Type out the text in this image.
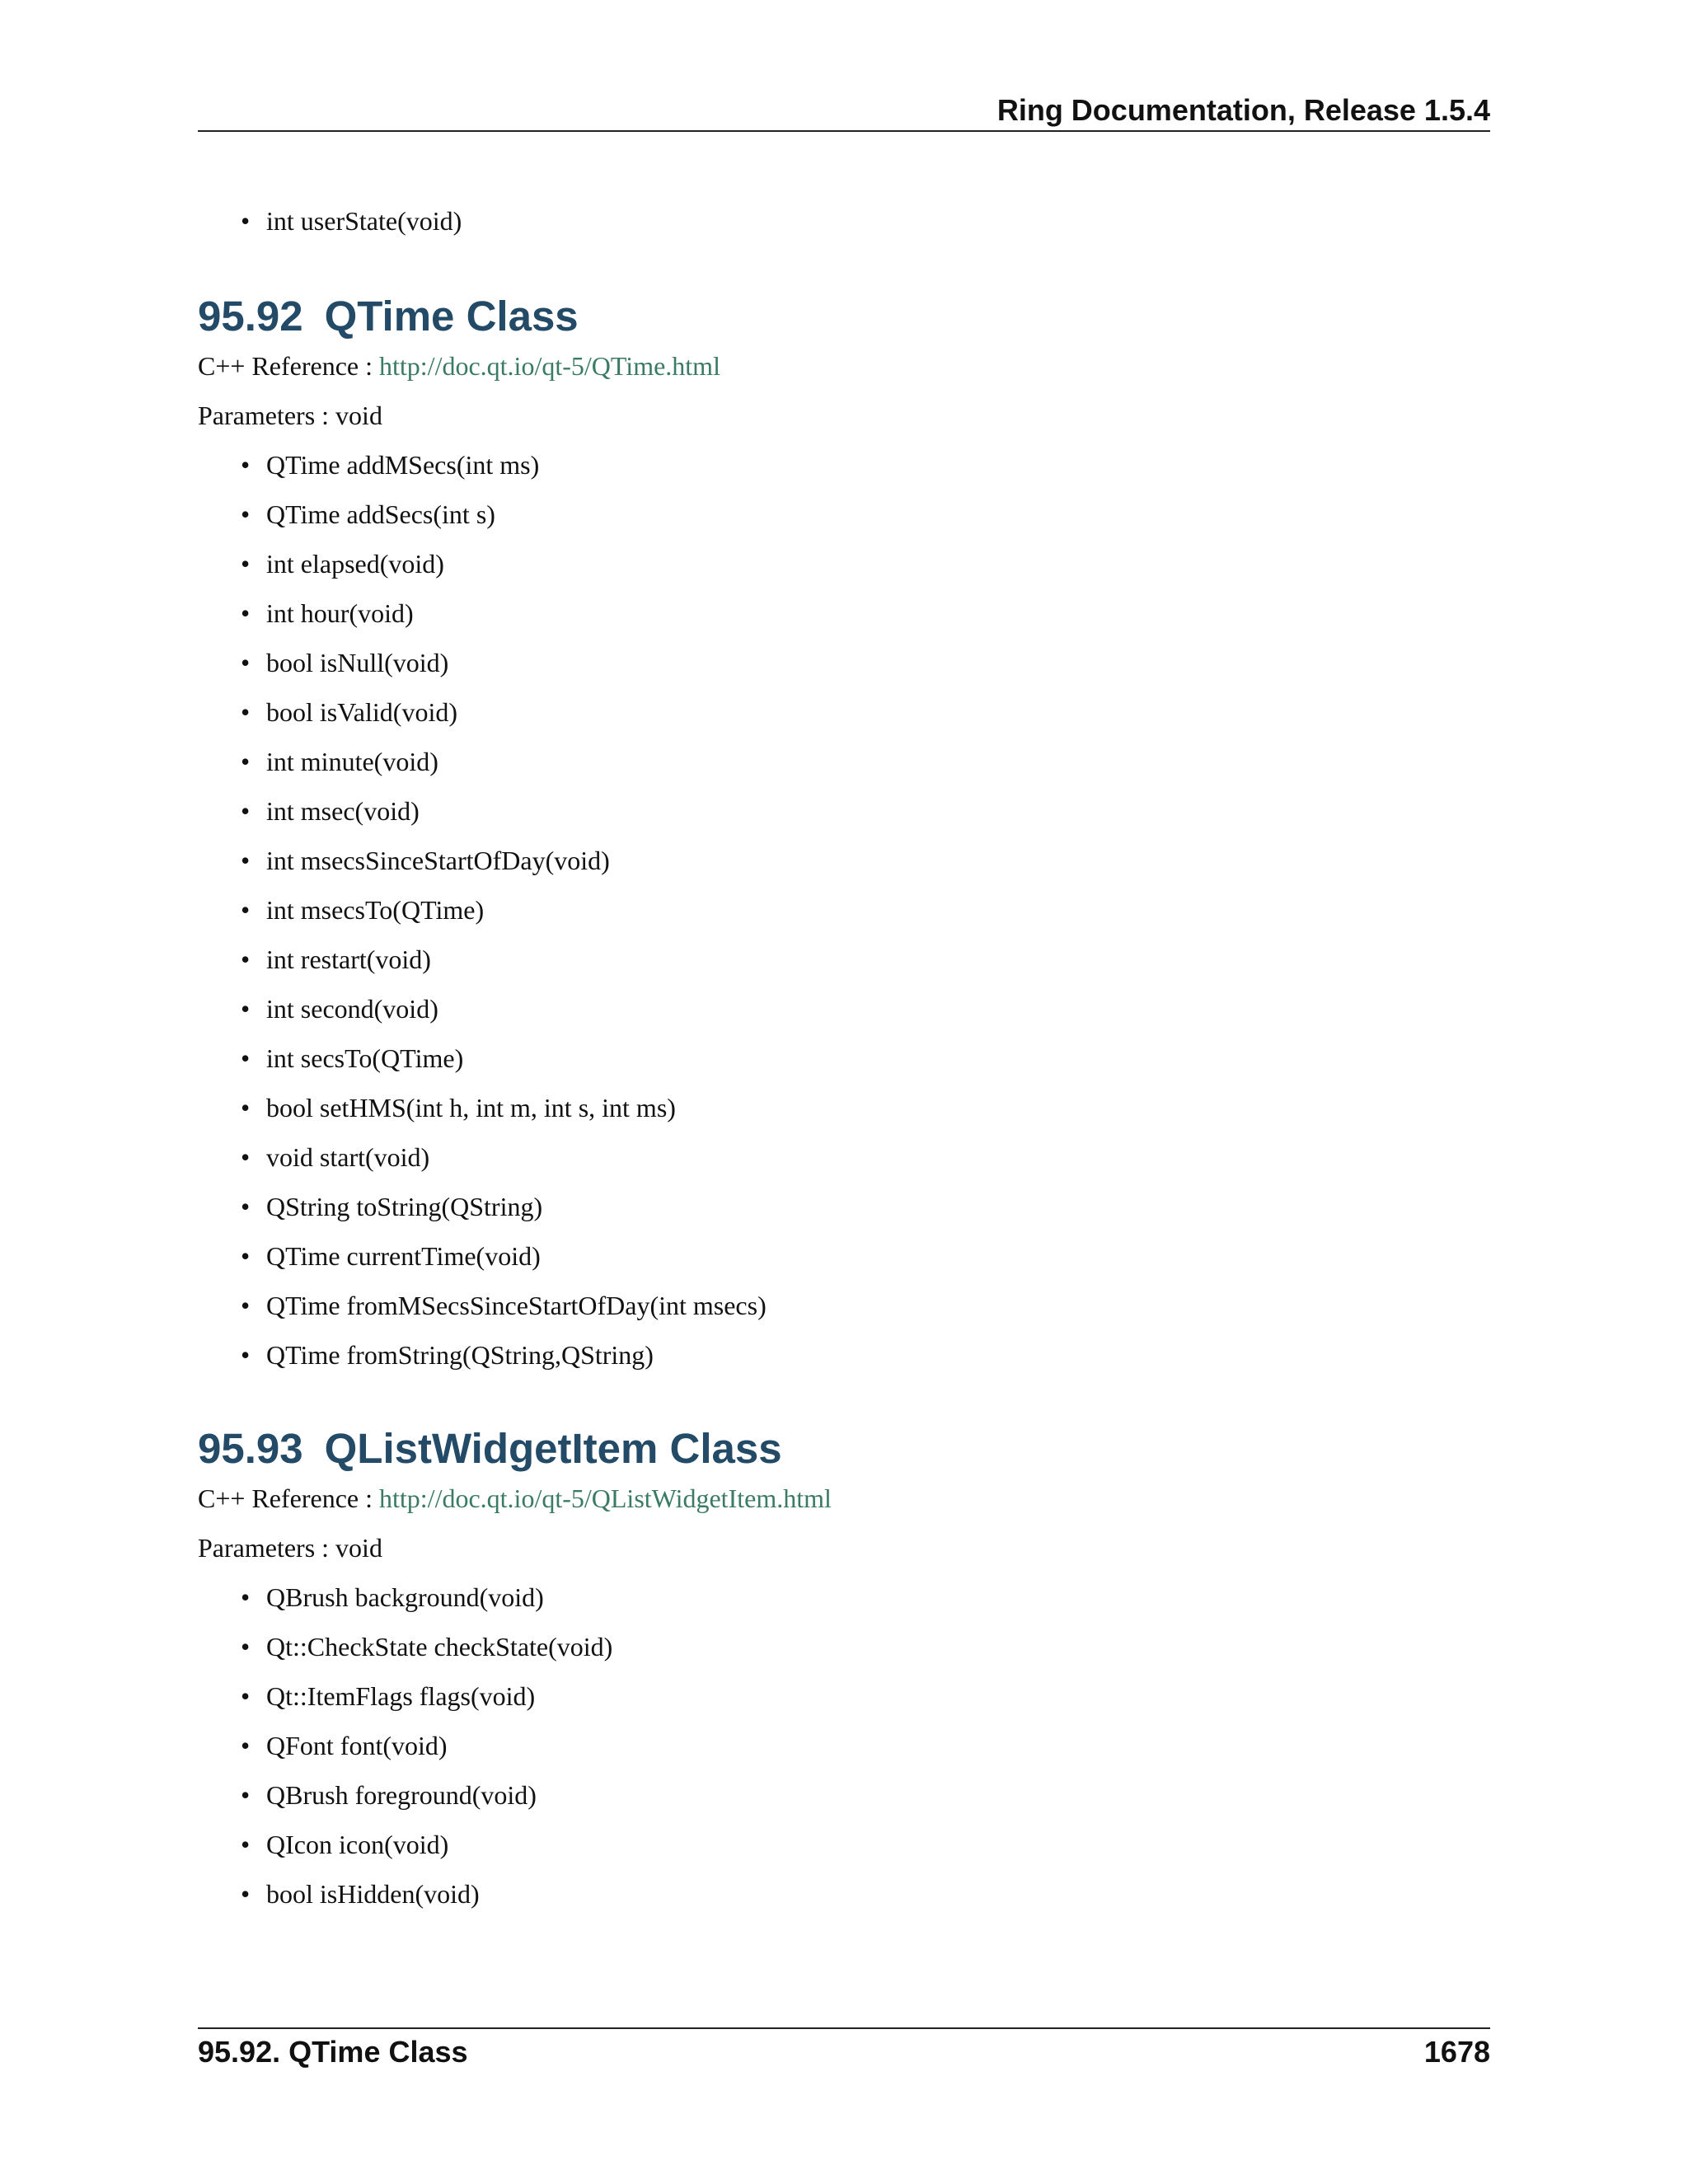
Ring Documentation, Release 1.5.4
• int userState(void)
95.92 QTime Class

C++ Reference : http://doc.qt.io/qt-5/QTime.html

Parameters : void

• QTime addMSecs(int ms)
• QTime addSecs(int s)
• int elapsed(void)
• int hour(void)
• bool isNull(void)
• bool isValid(void)
• int minute(void)
• int msec(void)
• int msecsSinceStartOfDay(void)
• int msecsTo(QTime)
• int restart(void)
• int second(void)
• int secsTo(QTime)
• bool setHMS(int h, int m, int s, int ms)
• void start(void)
• QString toString(QString)
• QTime currentTime(void)
• QTime fromMSecsSinceStartOfDay(int msecs)
• QTime fromString(QString,QString)
95.93 QListWidgetItem Class

C++ Reference : http://doc.qt.io/qt-5/QListWidgetItem.html

Parameters : void

• QBrush background(void)
• Qt::CheckState checkState(void)
• Qt::ItemFlags flags(void)
• QFont font(void)
• QBrush foreground(void)
• QIcon icon(void)
• bool isHidden(void)
95.92. QTime Class	1678
